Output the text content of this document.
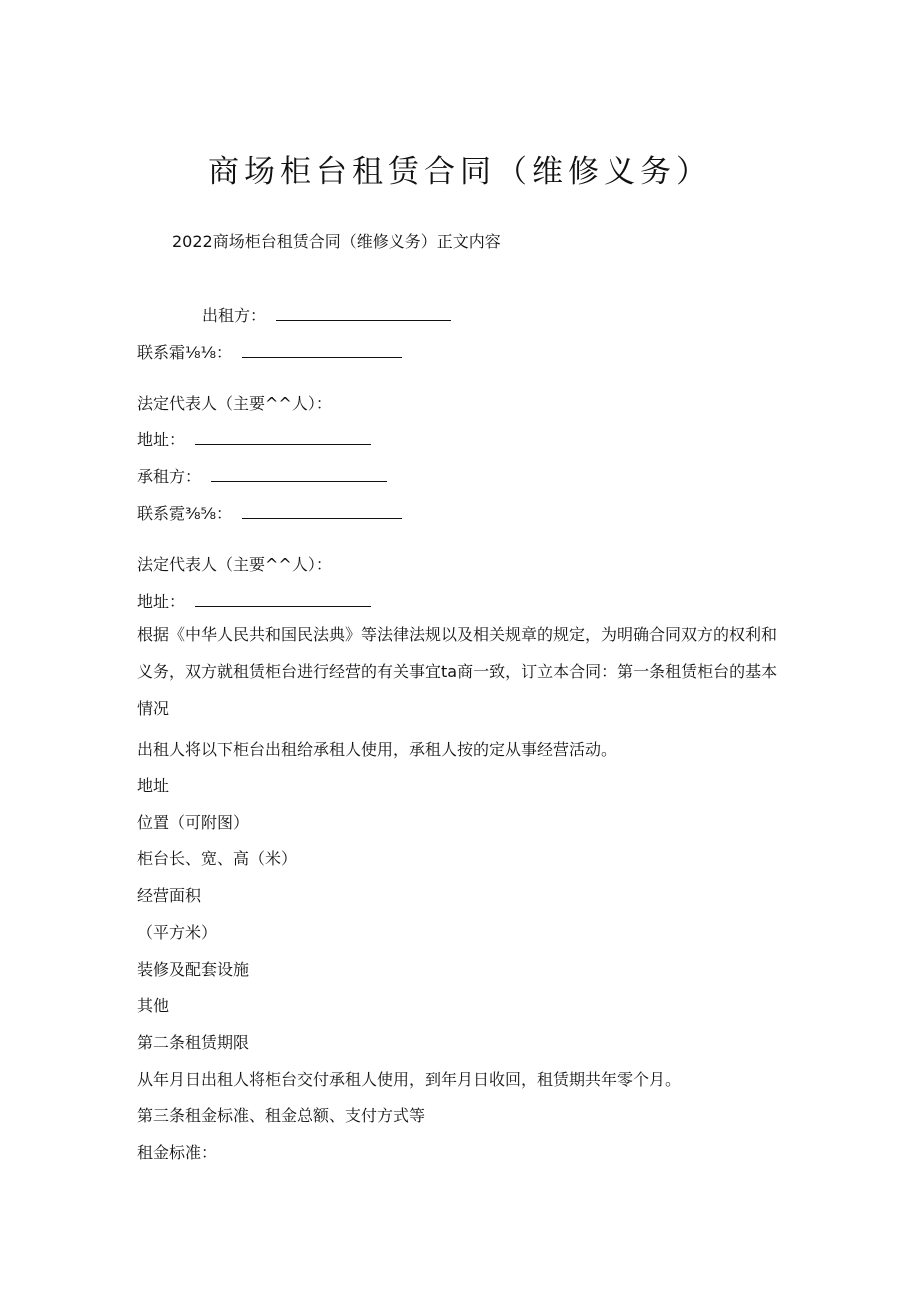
商场柜台租赁合同（维修义务）
2022商场柜台租赁合同（维修义务）正文内容
出租方：
联系霜⅛⅛：
法定代表人（主要^^人）：
地址：
承租方：
联系霓⅜⅝：
法定代表人（主要^^人）：
地址：
根据《中华人民共和国民法典》等法律法规以及相关规章的规定，为明确合同双方的权利和义务，双方就租赁柜台进行经营的有关事宜ta商一致，订立本合同：第一条租赁柜台的基本情况
出租人将以下柜台出租给承租人使用，承租人按的定从事经营活动。
地址
位置（可附图）
柜台长、宽、高（米）
经营面积
（平方米）
装修及配套设施
其他
第二条租赁期限
从年月日出租人将柜台交付承租人使用，到年月日收回，租赁期共年零个月。
第三条租金标准、租金总额、支付方式等
租金标准：
